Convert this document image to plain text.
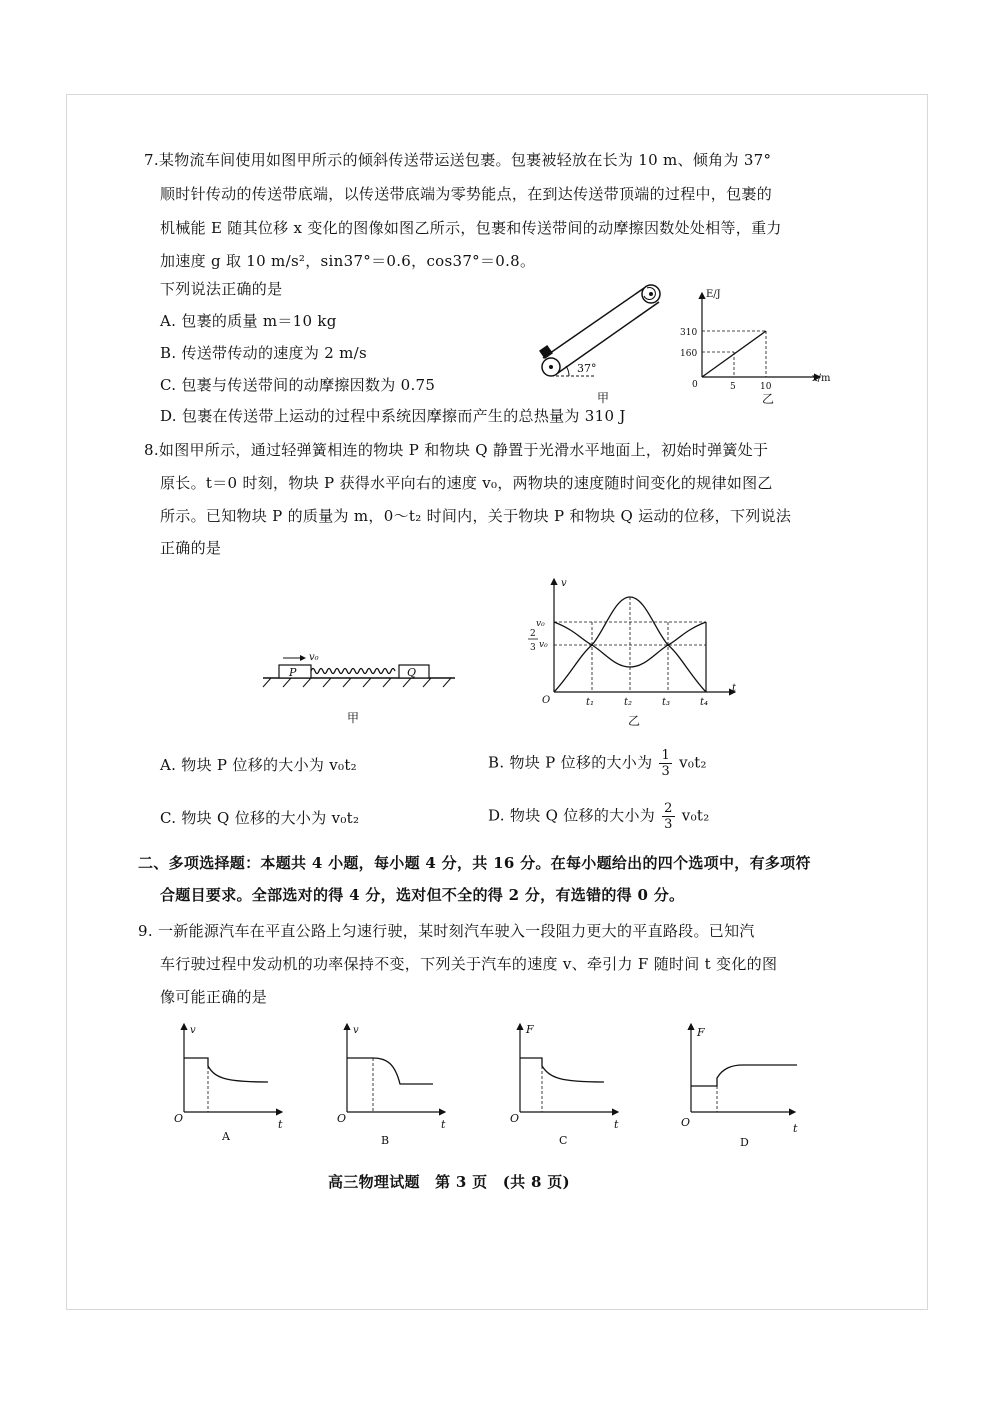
7.某物流车间使用如图甲所示的倾斜传送带运送包裹。包裹被轻放在长为 10 m、倾角为 37°
顺时针传动的传送带底端，以传送带底端为零势能点，在到达传送带顶端的过程中，包裹的
机械能 E 随其位移 x 变化的图像如图乙所示，包裹和传送带间的动摩擦因数处处相等，重力
加速度 g 取 10 m/s²，sin37°＝0.6，cos37°＝0.8。
下列说法正确的是
A. 包裹的质量 m＝10 kg
B. 传送带传动的速度为 2 m/s
C. 包裹与传送带间的动摩擦因数为 0.75
D. 包裹在传送带上运动的过程中系统因摩擦而产生的总热量为 310 J
37°
甲
E/J
x/m
0
310
160
5	10
乙
8.如图甲所示，通过轻弹簧相连的物块 P 和物块 Q 静置于光滑水平地面上，初始时弹簧处于
原长。t＝0 时刻，物块 P 获得水平向右的速度 v₀，两物块的速度随时间变化的规律如图乙
所示。已知物块 P 的质量为 m，0～t₂ 时间内，关于物块 P 和物块 Q 运动的位移，下列说法
正确的是
P	Q
v₀
甲
v
t
O
v₀
2
3 v₀
t₁	t₂	t₃	t₄
乙
A. 物块 P 位移的大小为 v₀t₂	B. 物块 P 位移的大小为 $\frac{1}{3} v_0t_2$
C. 物块 Q 位移的大小为 v₀t₂	D. 物块 Q 位移的大小为 $\frac{2}{3} v_0t_2$
二、多项选择题：本题共 4 小题，每小题 4 分，共 16 分。在每小题给出的四个选项中，有多项符
合题目要求。全部选对的得 4 分，选对但不全的得 2 分，有选错的得 0 分。
9. 一新能源汽车在平直公路上匀速行驶，某时刻汽车驶入一段阻力更大的平直路段。已知汽
车行驶过程中发动机的功率保持不变，下列关于汽车的速度 v、牵引力 F 随时间 t 变化的图
像可能正确的是
v
t
O
A
v
t
O
B
F
t
O
C
F
t
O
D
高三物理试题　第 3 页　(共 8 页)
